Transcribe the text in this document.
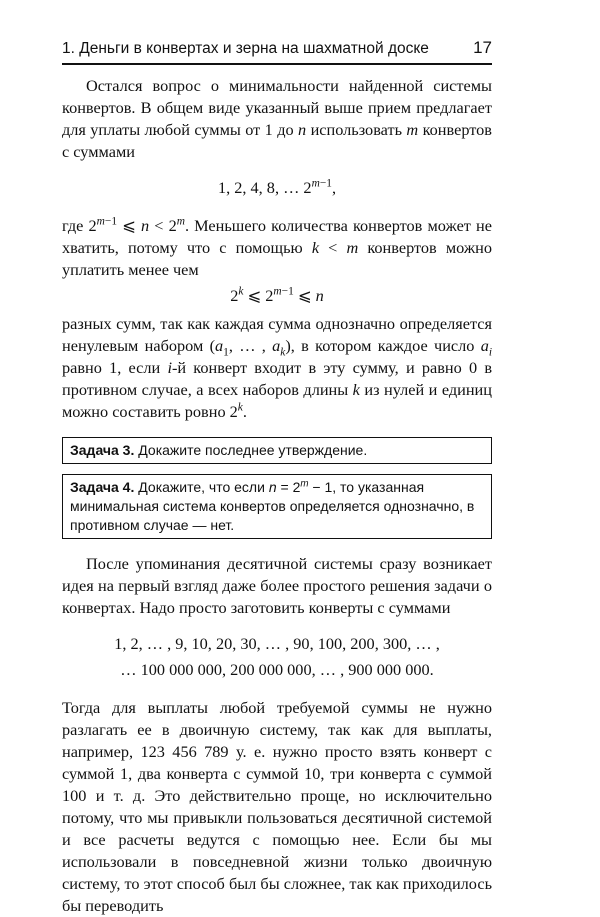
1. Деньги в конвертах и зерна на шахматной доске	17

Остался вопрос о минимальности найденной системы конвертов. В общем виде указанный выше прием предлагает для уплаты любой суммы от 1 до n использовать m конвертов с суммами

1, 2, 4, 8, … $2^{m-1}$,

где $2^{m-1}$ ⩽ $n < 2^m$. Меньшего количества конвертов может не хватить, потому что с помощью k < m конвертов можно уплатить менее чем

2$^k$ ⩽ $2^{m-1}$ ⩽ n

разных сумм, так как каждая сумма однозначно определяется ненулевым набором ($a_1$, … , $a_k$), в котором каждое число $a_i$ равно 1, если i-й конверт входит в эту сумму, и равно 0 в противном случае, а всех наборов длины k из нулей и единиц можно составить ровно 2$^k$.

Задача 3. Докажите последнее утверждение.
Задача 4. Докажите, что если $n = 2^m - 1$, то указанная минимальная система конвертов определяется однозначно, в противном случае — нет.

После упоминания десятичной системы сразу возникает идея на первый взгляд даже более простого решения задачи о конвертах. Надо просто заготовить конверты с суммами

1, 2, … , 9, 10, 20, 30, … , 90, 100, 200, 300, … ,
… 100 000 000, 200 000 000, … , 900 000 000.

Тогда для выплаты любой требуемой суммы не нужно разлагать ее в двоичную систему, так как для выплаты, например, 123 456 789 у. е. нужно просто взять конверт с суммой 1, два конверта с суммой 10, три конверта с суммой 100 и т. д. Это действительно проще, но исключительно потому, что мы привыкли пользоваться десятичной системой и все расчеты ведутся с помощью нее. Если бы мы использовали в повседневной жизни только двоичную систему, то этот способ был бы сложнее, так как приходилось бы переводить
